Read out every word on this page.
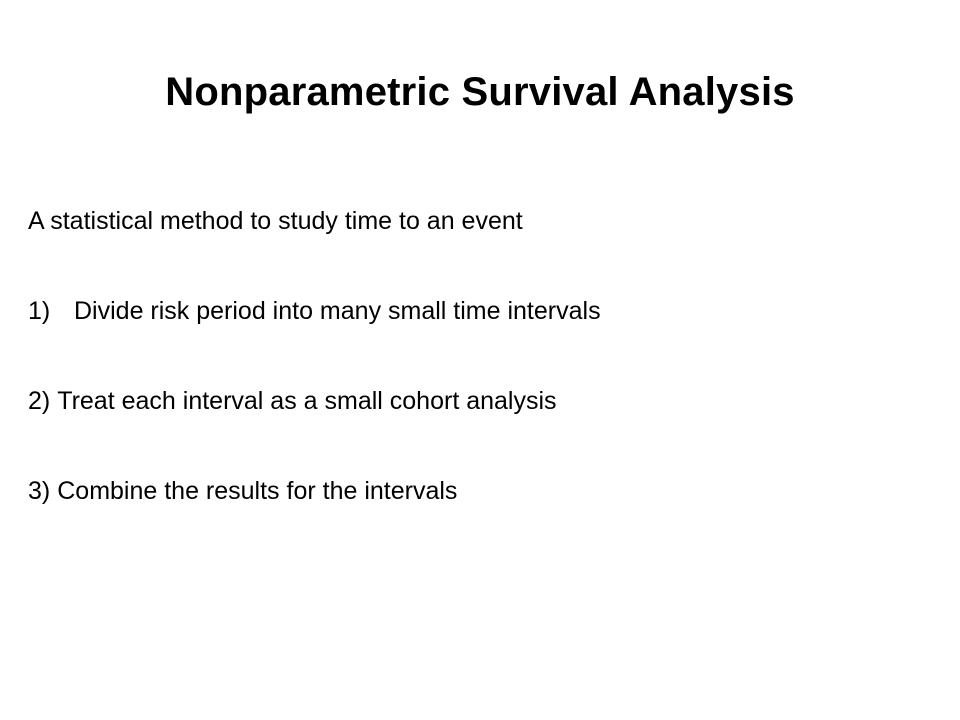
Nonparametric Survival Analysis
A statistical method to study time to an event
1) Divide risk period into many small time intervals
2) Treat each interval as a small cohort analysis
3) Combine the results for the intervals
